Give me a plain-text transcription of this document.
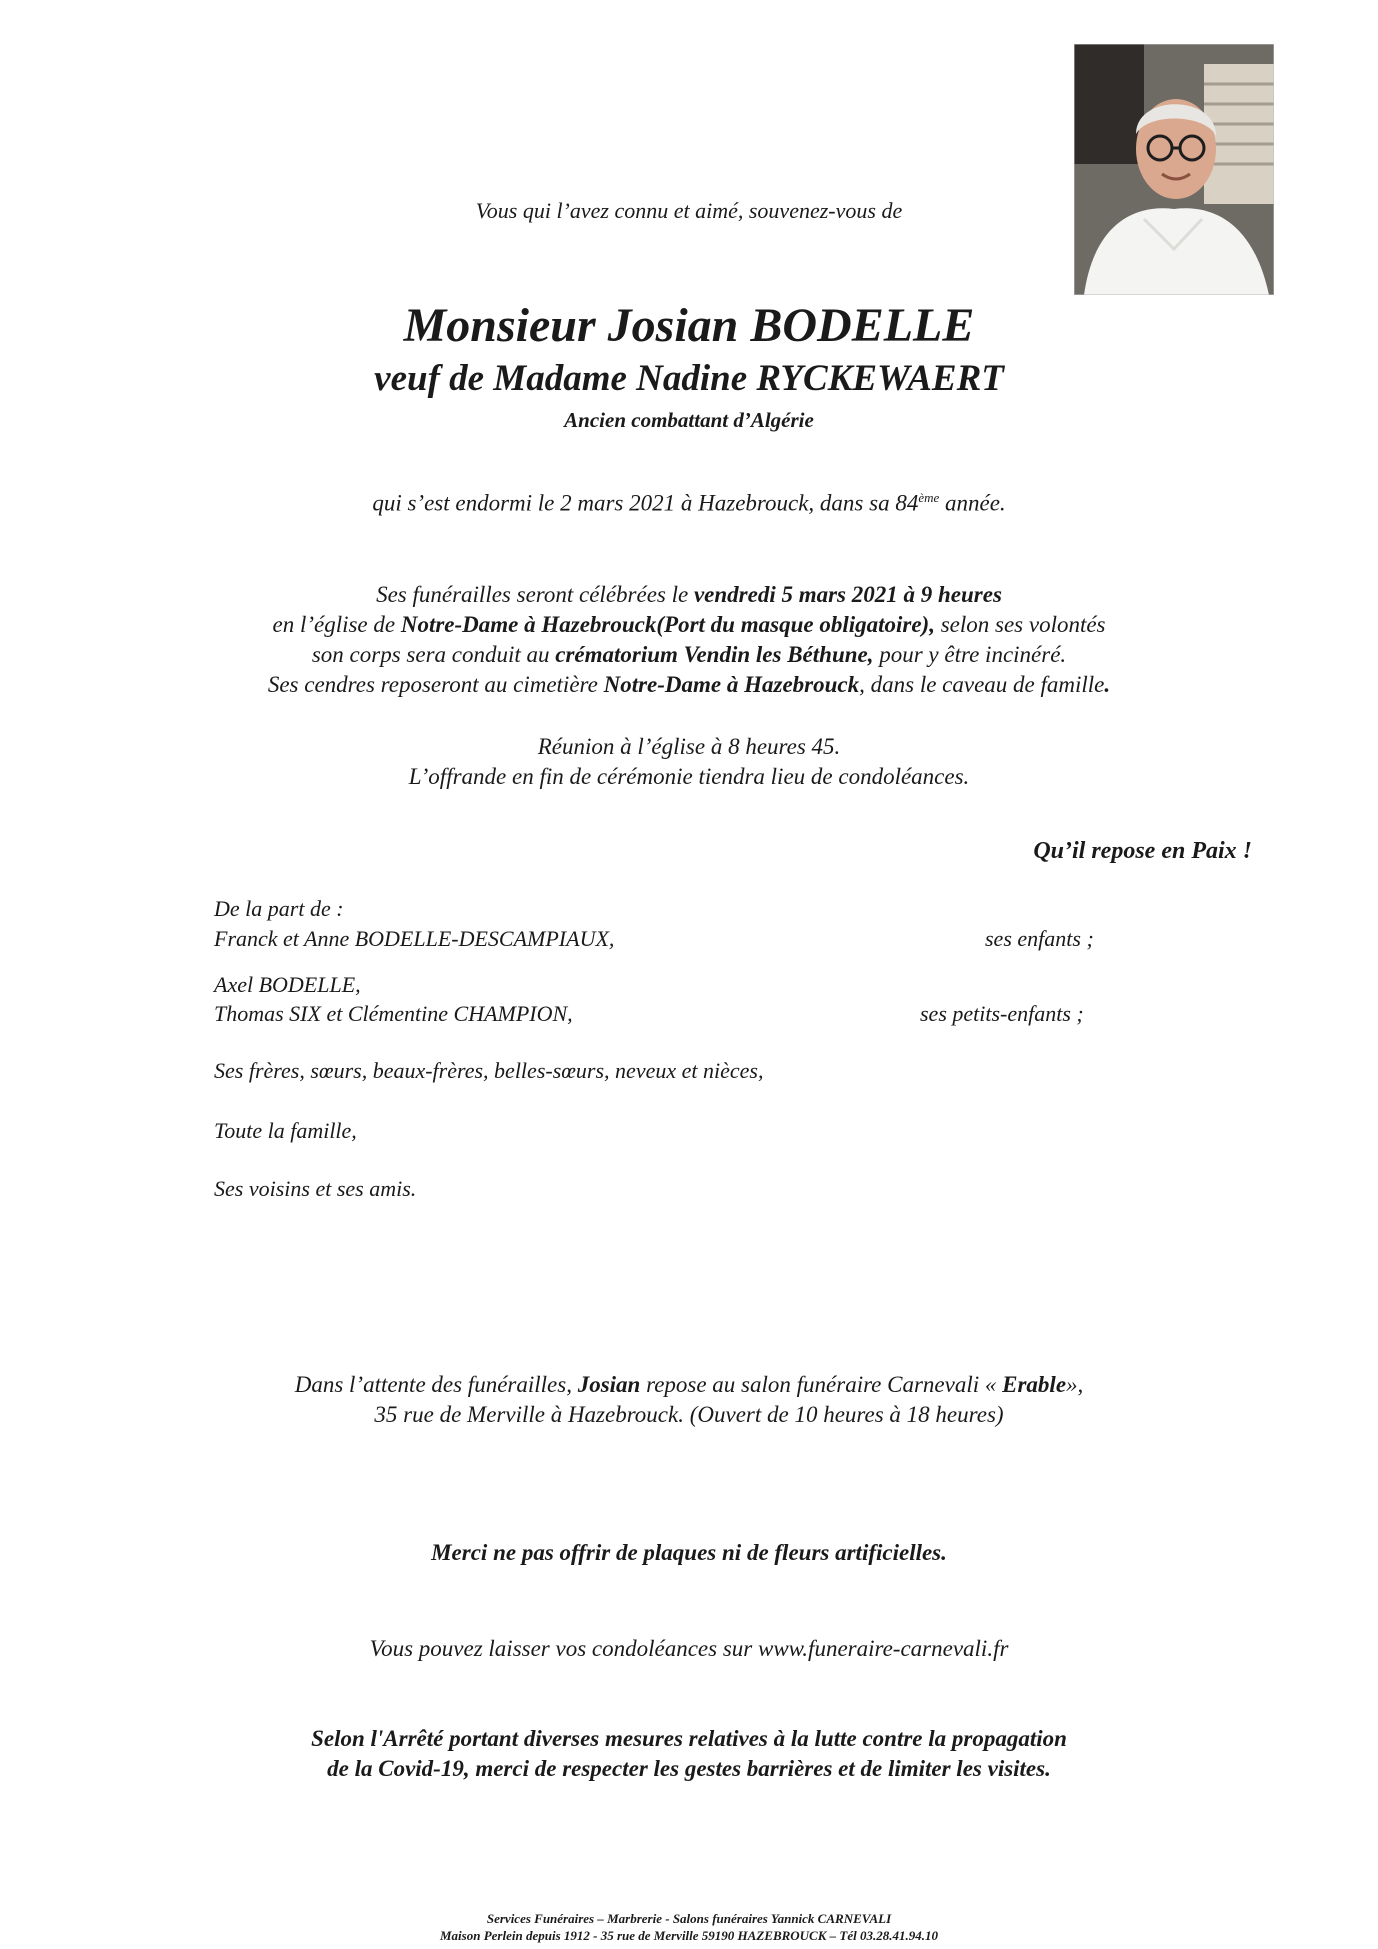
Vous qui l’avez connu et aimé, souvenez-vous de
Monsieur Josian BODELLE
veuf de Madame Nadine RYCKEWAERT
Ancien combattant d’Algérie
qui s’est endormi le 2 mars 2021 à Hazebrouck, dans sa 84ème année.

Ses funérailles seront célébrées le vendredi 5 mars 2021 à 9 heures

en l’église de Notre-Dame à Hazebrouck(Port du masque obligatoire), selon ses volontés

son corps sera conduit au crématorium Vendin les Béthune, pour y être incinéré.

Ses cendres reposeront au cimetière Notre-Dame à Hazebrouck, dans le caveau de famille.

Réunion à l’église à 8 heures 45.

L’offrande en fin de cérémonie tiendra lieu de condoléances.

Qu’il repose en Paix !
De la part de :
Franck et Anne BODELLE-DESCAMPIAUX,	ses enfants ;
Axel BODELLE,
Thomas SIX et Clémentine CHAMPION,	ses petits-enfants ;
Ses frères, sœurs, beaux-frères, belles-sœurs, neveux et nièces,
Toute la famille,
Ses voisins et ses amis.

Dans l’attente des funérailles, Josian repose au salon funéraire Carnevali « Erable»,

35 rue de Merville à Hazebrouck. (Ouvert de 10 heures à 18 heures)

Merci ne pas offrir de plaques ni de fleurs artificielles.
Vous pouvez laisser vos condoléances sur www.funeraire-carnevali.fr

Selon l'Arrêté portant diverses mesures relatives à la lutte contre la propagation

de la Covid-19, merci de respecter les gestes barrières et de limiter les visites.

Services Funéraires – Marbrerie - Salons funéraires Yannick CARNEVALI

Maison Perlein depuis 1912 - 35 rue de Merville 59190 HAZEBROUCK – Tél 03.28.41.94.10
